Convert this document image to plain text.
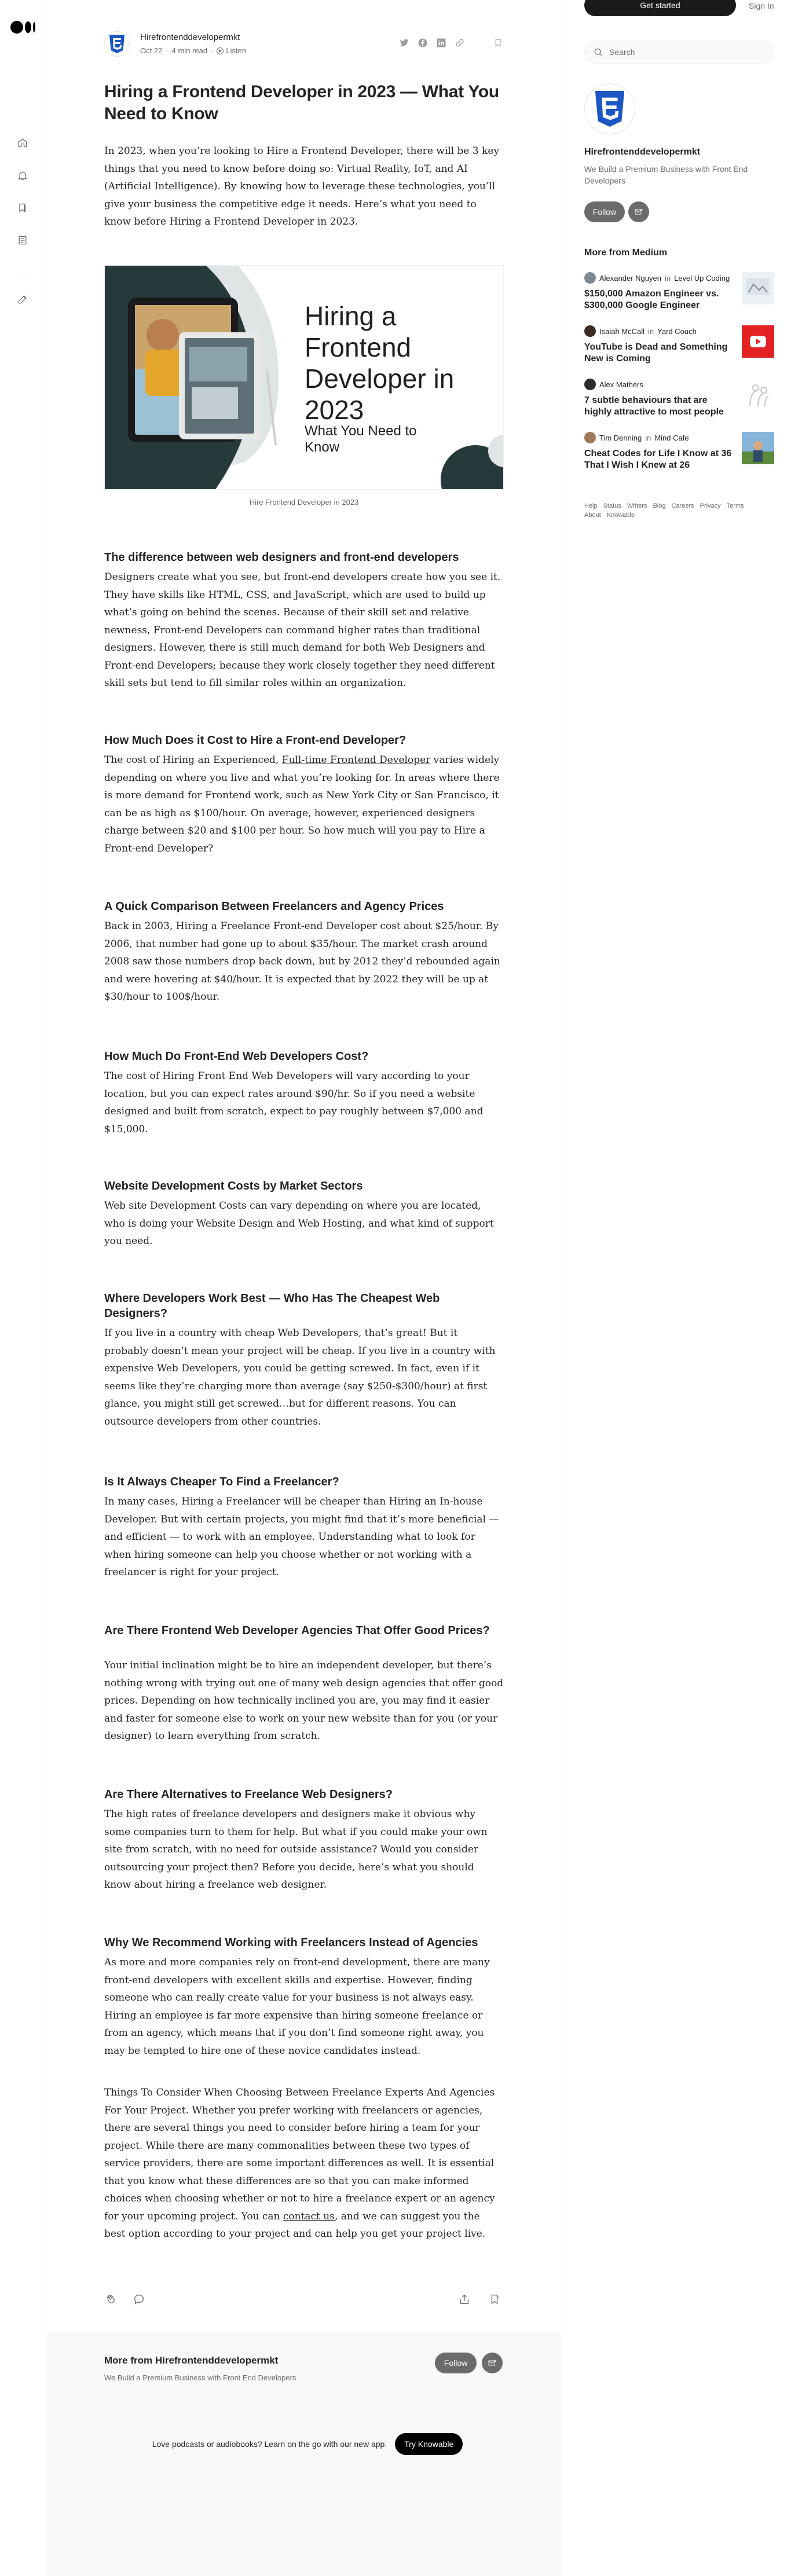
Hirefrontenddevelopermkt
Oct 22 · 4 min read · Listen
Hiring a Frontend Developer in 2023 — What You Need to Know

In 2023, when you’re looking to Hire a Frontend Developer, there will be 3 key things that you need to know before doing so: Virtual Reality, IoT, and AI (Artificial Intelligence). By knowing how to leverage these technologies, you’ll give your business the competitive edge it needs. Here’s what you need to know before Hiring a Frontend Developer in 2023.

Hiring a
Frontend
Developer in
2023
What You Need to
Know
Hire Frontend Developer in 2023
The difference between web designers and front-end developers

Designers create what you see, but front-end developers create how you see it. They have skills like HTML, CSS, and JavaScript, which are used to build up what’s going on behind the scenes. Because of their skill set and relative newness, Front-end Developers can command higher rates than traditional designers. However, there is still much demand for both Web Designers and Front-end Developers; because they work closely together they need different skill sets but tend to fill similar roles within an organization.

How Much Does it Cost to Hire a Front-end Developer?

The cost of Hiring an Experienced, Full-time Frontend Developer varies widely depending on where you live and what you’re looking for. In areas where there is more demand for Frontend work, such as New York City or San Francisco, it can be as high as $100/hour. On average, however, experienced designers charge between $20 and $100 per hour. So how much will you pay to Hire a Front-end Developer?

A Quick Comparison Between Freelancers and Agency Prices

Back in 2003, Hiring a Freelance Front-end Developer cost about $25/hour. By 2006, that number had gone up to about $35/hour. The market crash around 2008 saw those numbers drop back down, but by 2012 they’d rebounded again and were hovering at $40/hour. It is expected that by 2022 they will be up at $30/hour to 100$/hour.

How Much Do Front-End Web Developers Cost?

The cost of Hiring Front End Web Developers will vary according to your location, but you can expect rates around $90/hr. So if you need a website designed and built from scratch, expect to pay roughly between $7,000 and $15,000.

Website Development Costs by Market Sectors

Web site Development Costs can vary depending on where you are located, who is doing your Website Design and Web Hosting, and what kind of support you need.

Where Developers Work Best — Who Has The Cheapest Web Designers?

If you live in a country with cheap Web Developers, that’s great! But it probably doesn’t mean your project will be cheap. If you live in a country with expensive Web Developers, you could be getting screwed. In fact, even if it seems like they’re charging more than average (say $250-$300/hour) at first glance, you might still get screwed…but for different reasons. You can outsource developers from other countries.

Is It Always Cheaper To Find a Freelancer?

In many cases, Hiring a Freelancer will be cheaper than Hiring an In-house Developer. But with certain projects, you might find that it’s more beneficial — and efficient — to work with an employee. Understanding what to look for when hiring someone can help you choose whether or not working with a freelancer is right for your project.

Are There Frontend Web Developer Agencies That Offer Good Prices?

Your initial inclination might be to hire an independent developer, but there’s nothing wrong with trying out one of many web design agencies that offer good prices. Depending on how technically inclined you are, you may find it easier and faster for someone else to work on your new website than for you (or your designer) to learn everything from scratch.

Are There Alternatives to Freelance Web Designers?

The high rates of freelance developers and designers make it obvious why some companies turn to them for help. But what if you could make your own site from scratch, with no need for outside assistance? Would you consider outsourcing your project then? Before you decide, here’s what you should know about hiring a freelance web designer.

Why We Recommend Working with Freelancers Instead of Agencies

As more and more companies rely on front-end development, there are many front-end developers with excellent skills and expertise. However, finding someone who can really create value for your business is not always easy. Hiring an employee is far more expensive than hiring someone freelance or from an agency, which means that if you don’t find someone right away, you may be tempted to hire one of these novice candidates instead.

Things To Consider When Choosing Between Freelance Experts And Agencies For Your Project. Whether you prefer working with freelancers or agencies, there are several things you need to consider before hiring a team for your project. While there are many commonalities between these two types of service providers, there are some important differences as well. It is essential that you know what these differences are so that you can make informed choices when choosing whether or not to hire a freelance expert or an agency for your upcoming project. You can contact us, and we can suggest you the best option according to your project and can help you get your project live.

More from Hirefrontenddevelopermkt
We Build a Premium Business with Front End Developers
Follow
Love podcasts or audiobooks? Learn on the go with our new app.	Try Knowable
Get started	Sign In
Search
Hirefrontenddevelopermkt
We Build a Premium Business with Front End Developers
Follow
More from Medium
Alexander Nguyen in Level Up Coding
$150,000 Amazon Engineer vs. $300,000 Google Engineer
Isaiah McCall in Yard Couch
YouTube is Dead and Something New is Coming
Alex Mathers
7 subtle behaviours that are highly attractive to most people
Tim Denning in Mind Cafe
Cheat Codes for Life I Know at 36 That I Wish I Knew at 26
Help Status Writers Blog Careers Privacy Terms
About Knowable
